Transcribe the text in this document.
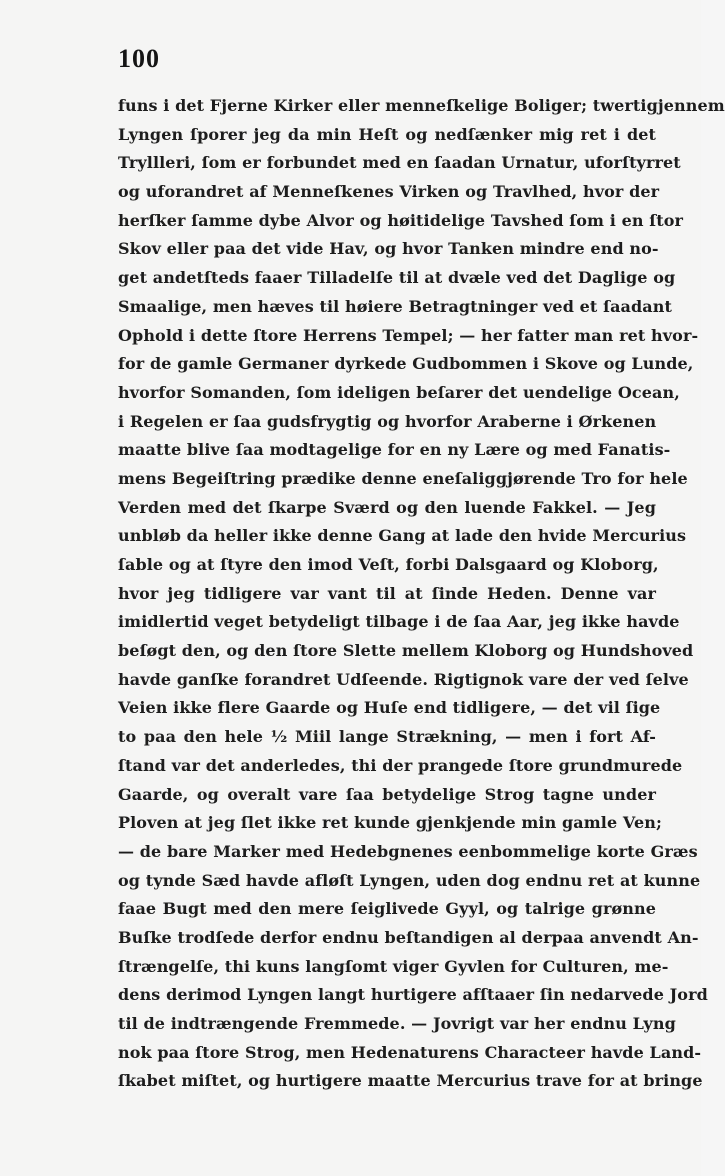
100
funs i det Fjerne Kirker eller menneſkelige Boliger; twertigjennem
Lyngen ſporer jeg da min Heſt og nedſænker mig ret i det
Tryllleri, ſom er forbundet med en ſaadan Urnatur, uforſtyrret
og uforandret af Menneſkenes Virken og Travlhed, hvor der
herſker ſamme dybe Alvor og høitidelige Tavshed ſom i en ſtor
Skov eller paa det vide Hav, og hvor Tanken mindre end no-
get andetſteds faaer Tilladelſe til at dvæle ved det Daglige og
Smaalige, men hæves til høiere Betragtninger ved et ſaadant
Ophold i dette ſtore Herrens Tempel; — her fatter man ret hvor-
for de gamle Germaner dyrkede Gudbommen i Skove og Lunde,
hvorfor Somanden, ſom ideligen beſarer det uendelige Ocean,
i Regelen er ſaa gudsfrygtig og hvorfor Araberne i Ørkenen
maatte blive ſaa modtagelige for en ny Lære og med Fanatis-
mens Begeiſtring prædike denne eneſaliggjørende Tro for hele
Verden med det ſkarpe Sværd og den luende Fakkel. — Jeg
unbløb da heller ikke denne Gang at lade den hvide Mercurius
ſable og at ſtyre den imod Veſt, forbi Dalsgaard og Kloborg,
hvor jeg tidligere var vant til at ſinde Heden. Denne var
imidlertid veget betydeligt tilbage i de ſaa Aar, jeg ikke havde
beſøgt den, og den ſtore Slette mellem Kloborg og Hundshoved
havde ganſke forandret Udſeende. Rigtignok vare der ved ſelve
Veien ikke flere Gaarde og Huſe end tidligere, — det vil ſige
to paa den hele ½ Miil lange Strækning, — men i fort Af-
ſtand var det anderledes, thi der prangede ſtore grundmurede
Gaarde, og overalt vare ſaa betydelige Strog tagne under
Ploven at jeg ſlet ikke ret kunde gjenkjende min gamle Ven;
— de bare Marker med Hedebgnenes eenbommelige korte Græs
og tynde Sæd havde afløſt Lyngen, uden dog endnu ret at kunne
faae Bugt med den mere ſeiglivede Gyyl, og talrige grønne
Buſke trodſede derfor endnu beſtandigen al derpaa anvendt An-
ſtrængelſe, thi kuns langſomt viger Gyvlen for Culturen, me-
dens derimod Lyngen langt hurtigere afſtaaer ſin nedarvede Jord
til de indtrængende Fremmede. — Jovrigt var her endnu Lyng
nok paa ſtore Strog, men Hedenaturens Characteer havde Land-
ſkabet miſtet, og hurtigere maatte Mercurius trave for at bringe
